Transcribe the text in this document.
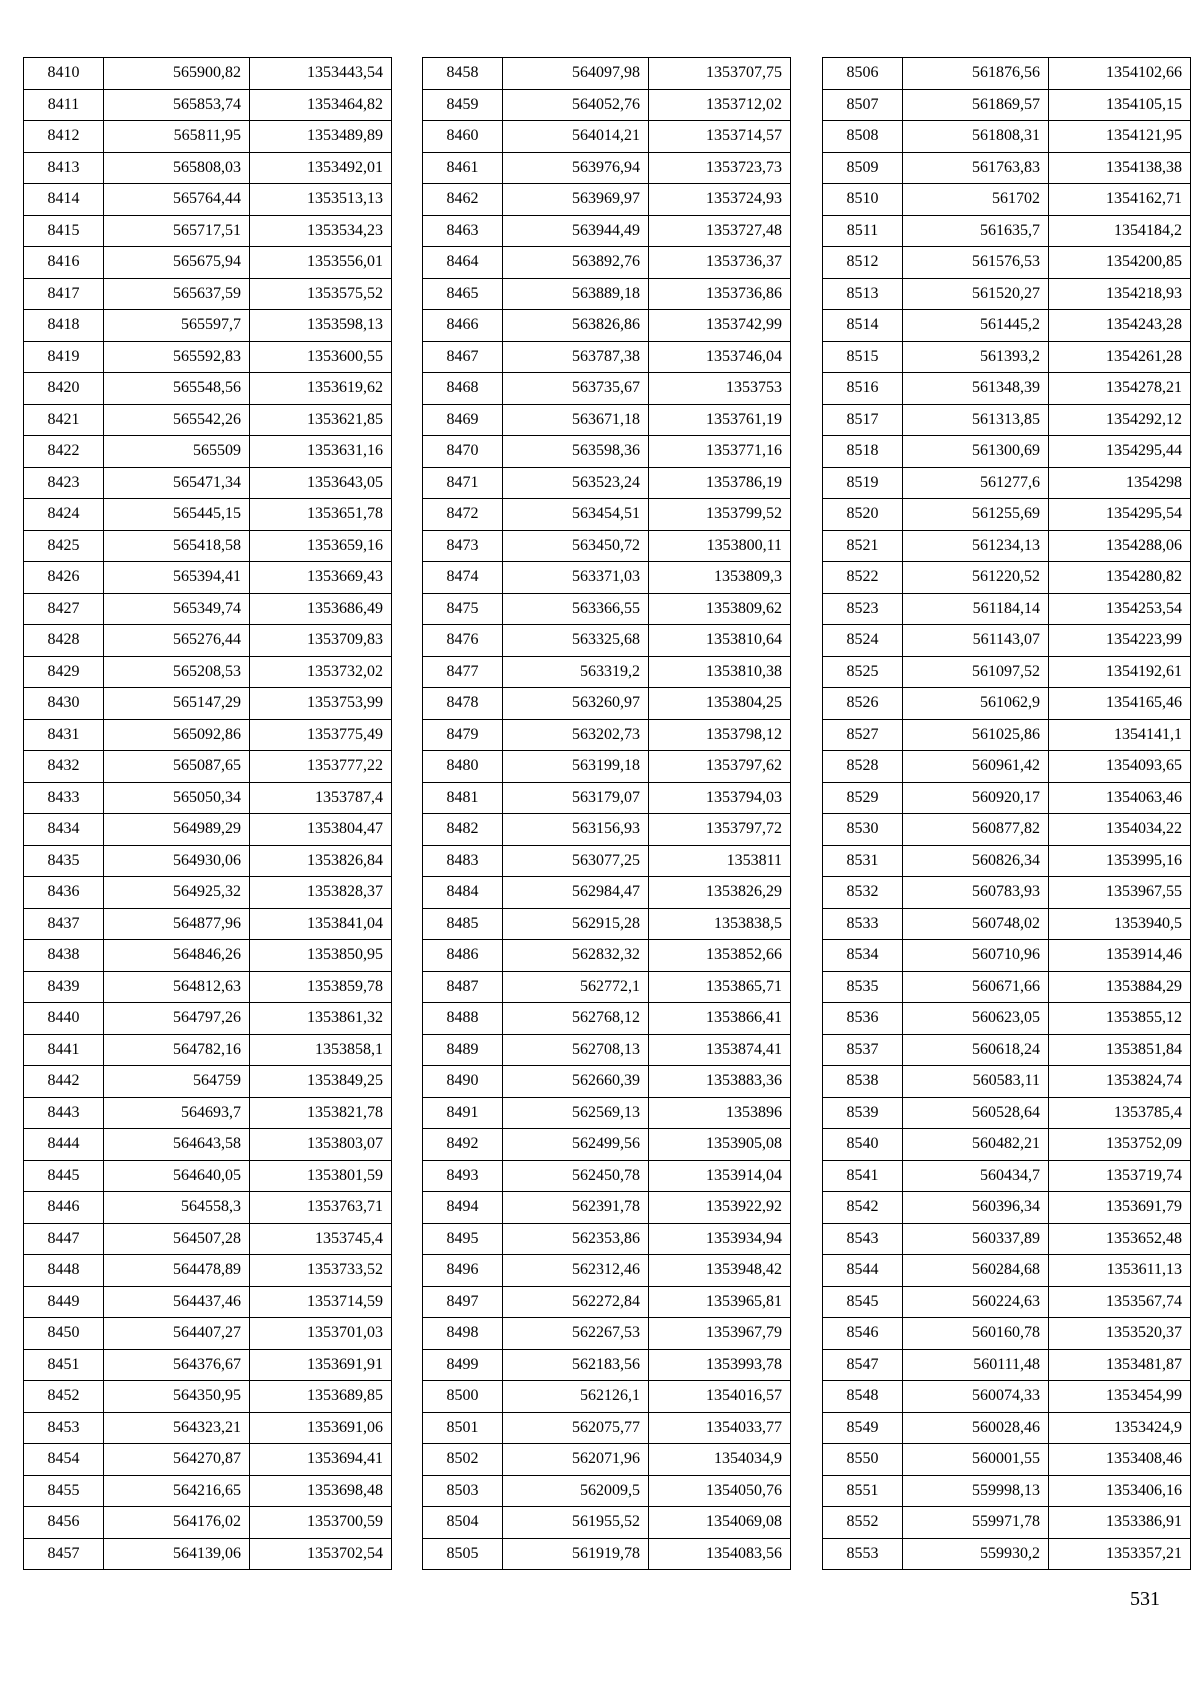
8410	565900,82	1353443,54
8411	565853,74	1353464,82
8412	565811,95	1353489,89
8413	565808,03	1353492,01
8414	565764,44	1353513,13
8415	565717,51	1353534,23
8416	565675,94	1353556,01
8417	565637,59	1353575,52
8418	565597,7	1353598,13
8419	565592,83	1353600,55
8420	565548,56	1353619,62
8421	565542,26	1353621,85
8422	565509	1353631,16
8423	565471,34	1353643,05
8424	565445,15	1353651,78
8425	565418,58	1353659,16
8426	565394,41	1353669,43
8427	565349,74	1353686,49
8428	565276,44	1353709,83
8429	565208,53	1353732,02
8430	565147,29	1353753,99
8431	565092,86	1353775,49
8432	565087,65	1353777,22
8433	565050,34	1353787,4
8434	564989,29	1353804,47
8435	564930,06	1353826,84
8436	564925,32	1353828,37
8437	564877,96	1353841,04
8438	564846,26	1353850,95
8439	564812,63	1353859,78
8440	564797,26	1353861,32
8441	564782,16	1353858,1
8442	564759	1353849,25
8443	564693,7	1353821,78
8444	564643,58	1353803,07
8445	564640,05	1353801,59
8446	564558,3	1353763,71
8447	564507,28	1353745,4
8448	564478,89	1353733,52
8449	564437,46	1353714,59
8450	564407,27	1353701,03
8451	564376,67	1353691,91
8452	564350,95	1353689,85
8453	564323,21	1353691,06
8454	564270,87	1353694,41
8455	564216,65	1353698,48
8456	564176,02	1353700,59
8457	564139,06	1353702,54
8458	564097,98	1353707,75
8459	564052,76	1353712,02
8460	564014,21	1353714,57
8461	563976,94	1353723,73
8462	563969,97	1353724,93
8463	563944,49	1353727,48
8464	563892,76	1353736,37
8465	563889,18	1353736,86
8466	563826,86	1353742,99
8467	563787,38	1353746,04
8468	563735,67	1353753
8469	563671,18	1353761,19
8470	563598,36	1353771,16
8471	563523,24	1353786,19
8472	563454,51	1353799,52
8473	563450,72	1353800,11
8474	563371,03	1353809,3
8475	563366,55	1353809,62
8476	563325,68	1353810,64
8477	563319,2	1353810,38
8478	563260,97	1353804,25
8479	563202,73	1353798,12
8480	563199,18	1353797,62
8481	563179,07	1353794,03
8482	563156,93	1353797,72
8483	563077,25	1353811
8484	562984,47	1353826,29
8485	562915,28	1353838,5
8486	562832,32	1353852,66
8487	562772,1	1353865,71
8488	562768,12	1353866,41
8489	562708,13	1353874,41
8490	562660,39	1353883,36
8491	562569,13	1353896
8492	562499,56	1353905,08
8493	562450,78	1353914,04
8494	562391,78	1353922,92
8495	562353,86	1353934,94
8496	562312,46	1353948,42
8497	562272,84	1353965,81
8498	562267,53	1353967,79
8499	562183,56	1353993,78
8500	562126,1	1354016,57
8501	562075,77	1354033,77
8502	562071,96	1354034,9
8503	562009,5	1354050,76
8504	561955,52	1354069,08
8505	561919,78	1354083,56
8506	561876,56	1354102,66
8507	561869,57	1354105,15
8508	561808,31	1354121,95
8509	561763,83	1354138,38
8510	561702	1354162,71
8511	561635,7	1354184,2
8512	561576,53	1354200,85
8513	561520,27	1354218,93
8514	561445,2	1354243,28
8515	561393,2	1354261,28
8516	561348,39	1354278,21
8517	561313,85	1354292,12
8518	561300,69	1354295,44
8519	561277,6	1354298
8520	561255,69	1354295,54
8521	561234,13	1354288,06
8522	561220,52	1354280,82
8523	561184,14	1354253,54
8524	561143,07	1354223,99
8525	561097,52	1354192,61
8526	561062,9	1354165,46
8527	561025,86	1354141,1
8528	560961,42	1354093,65
8529	560920,17	1354063,46
8530	560877,82	1354034,22
8531	560826,34	1353995,16
8532	560783,93	1353967,55
8533	560748,02	1353940,5
8534	560710,96	1353914,46
8535	560671,66	1353884,29
8536	560623,05	1353855,12
8537	560618,24	1353851,84
8538	560583,11	1353824,74
8539	560528,64	1353785,4
8540	560482,21	1353752,09
8541	560434,7	1353719,74
8542	560396,34	1353691,79
8543	560337,89	1353652,48
8544	560284,68	1353611,13
8545	560224,63	1353567,74
8546	560160,78	1353520,37
8547	560111,48	1353481,87
8548	560074,33	1353454,99
8549	560028,46	1353424,9
8550	560001,55	1353408,46
8551	559998,13	1353406,16
8552	559971,78	1353386,91
8553	559930,2	1353357,21
531
